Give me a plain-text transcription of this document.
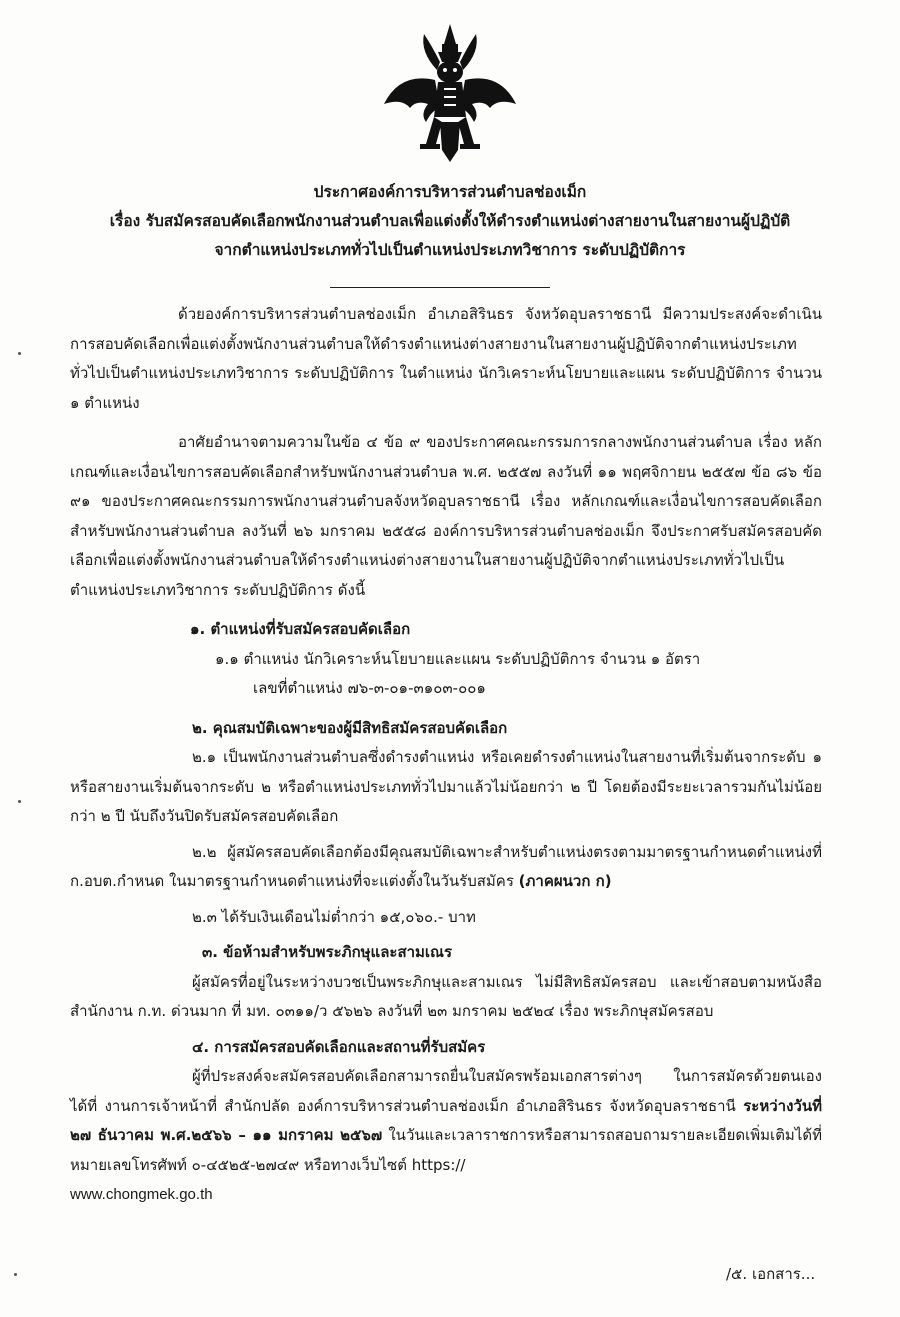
ประกาศองค์การบริหารส่วนตำบลช่องเม็ก
เรื่อง รับสมัครสอบคัดเลือกพนักงานส่วนตำบลเพื่อแต่งตั้งให้ดำรงตำแหน่งต่างสายงานในสายงานผู้ปฏิบัติ
จากตำแหน่งประเภททั่วไปเป็นตำแหน่งประเภทวิชาการ ระดับปฏิบัติการ

ด้วยองค์การบริหารส่วนตำบลช่องเม็ก อำเภอสิรินธร จังหวัดอุบลราชธานี มีความประสงค์จะดำเนินการสอบคัดเลือกเพื่อแต่งตั้งพนักงานส่วนตำบลให้ดำรงตำแหน่งต่างสายงานในสายงานผู้ปฏิบัติจากตำแหน่งประเภททั่วไปเป็นตำแหน่งประเภทวิชาการ ระดับปฏิบัติการ ในตำแหน่ง นักวิเคราะห์นโยบายและแผน ระดับปฏิบัติการ จำนวน ๑ ตำแหน่ง

อาศัยอำนาจตามความในข้อ ๔ ข้อ ๙ ของประกาศคณะกรรมการกลางพนักงานส่วนตำบล เรื่อง หลักเกณฑ์และเงื่อนไขการสอบคัดเลือกสำหรับพนักงานส่วนตำบล พ.ศ. ๒๕๕๗ ลงวันที่ ๑๑ พฤศจิกายน ๒๕๕๗ ข้อ ๘๖ ข้อ ๙๑ ของประกาศคณะกรรมการพนักงานส่วนตำบลจังหวัดอุบลราชธานี เรื่อง หลักเกณฑ์และเงื่อนไขการสอบคัดเลือกสำหรับพนักงานส่วนตำบล ลงวันที่ ๒๖ มกราคม ๒๕๕๘ องค์การบริหารส่วนตำบลช่องเม็ก จึงประกาศรับสมัครสอบคัดเลือกเพื่อแต่งตั้งพนักงานส่วนตำบลให้ดำรงตำแหน่งต่างสายงานในสายงานผู้ปฏิบัติจากตำแหน่งประเภททั่วไปเป็นตำแหน่งประเภทวิชาการ ระดับปฏิบัติการ ดังนี้

๑. ตำแหน่งที่รับสมัครสอบคัดเลือก
๑.๑ ตำแหน่ง นักวิเคราะห์นโยบายและแผน ระดับปฏิบัติการ จำนวน ๑ อัตรา
เลขที่ตำแหน่ง ๗๖-๓-๐๑-๓๑๐๓-๐๐๑
๒. คุณสมบัติเฉพาะของผู้มีสิทธิสมัครสอบคัดเลือก

๒.๑ เป็นพนักงานส่วนตำบลซึ่งดำรงตำแหน่ง หรือเคยดำรงตำแหน่งในสายงานที่เริ่มต้นจากระดับ ๑ หรือสายงานเริ่มต้นจากระดับ ๒ หรือตำแหน่งประเภททั่วไปมาแล้วไม่น้อยกว่า ๒ ปี โดยต้องมีระยะเวลารวมกันไม่น้อยกว่า ๒ ปี นับถึงวันปิดรับสมัครสอบคัดเลือก

๒.๒ ผู้สมัครสอบคัดเลือกต้องมีคุณสมบัติเฉพาะสำหรับตำแหน่งตรงตามมาตรฐานกำหนดตำแหน่งที่ ก.อบต.กำหนด ในมาตรฐานกำหนดตำแหน่งที่จะแต่งตั้งในวันรับสมัคร (ภาคผนวก ก)

๒.๓ ได้รับเงินเดือนไม่ต่ำกว่า ๑๕,๐๖๐.- บาท

๓. ข้อห้ามสำหรับพระภิกษุและสามเณร

ผู้สมัครที่อยู่ในระหว่างบวชเป็นพระภิกษุและสามเณร ไม่มีสิทธิสมัครสอบ และเข้าสอบตามหนังสือสำนักงาน ก.ท. ด่วนมาก ที่ มท. ๐๓๑๑/ว ๕๖๒๖ ลงวันที่ ๒๓ มกราคม ๒๕๒๔ เรื่อง พระภิกษุสมัครสอบ

๔. การสมัครสอบคัดเลือกและสถานที่รับสมัคร

ผู้ที่ประสงค์จะสมัครสอบคัดเลือกสามารถยื่นใบสมัครพร้อมเอกสารต่างๆ ในการสมัครด้วยตนเองได้ที่ งานการเจ้าหน้าที่ สำนักปลัด องค์การบริหารส่วนตำบลช่องเม็ก อำเภอสิรินธร จังหวัดอุบลราชธานี ระหว่างวันที่ ๒๗ ธันวาคม พ.ศ.๒๕๖๖ – ๑๑ มกราคม ๒๕๖๗ ในวันและเวลาราชการหรือสามารถสอบถามรายละเอียดเพิ่มเติมได้ที่ หมายเลขโทรศัพท์ ๐-๔๕๒๕-๒๗๔๙ หรือทางเว็บไซต์ https://
www.chongmek.go.th

/๕. เอกสาร...
